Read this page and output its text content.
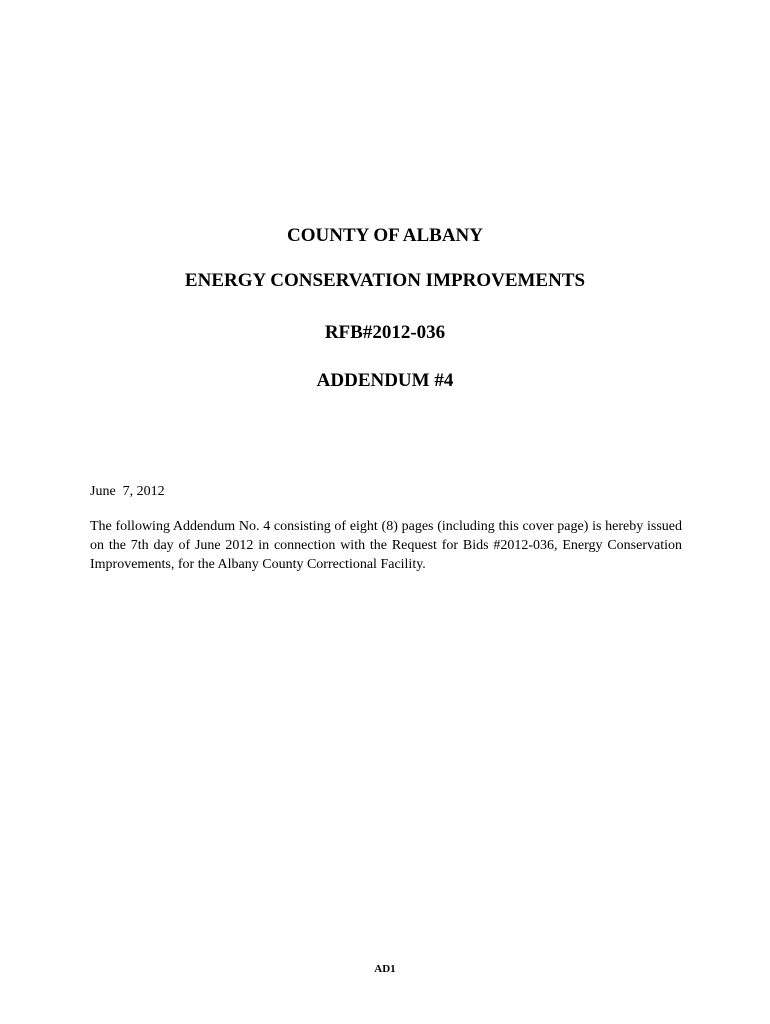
COUNTY OF ALBANY
ENERGY CONSERVATION IMPROVEMENTS
RFB#2012-036
ADDENDUM #4
June  7, 2012

The following Addendum No. 4 consisting of eight (8) pages (including this cover page) is hereby issued on the 7th day of June 2012 in connection with the Request for Bids #2012-036, Energy Conservation Improvements, for the Albany County Correctional Facility.

AD1
